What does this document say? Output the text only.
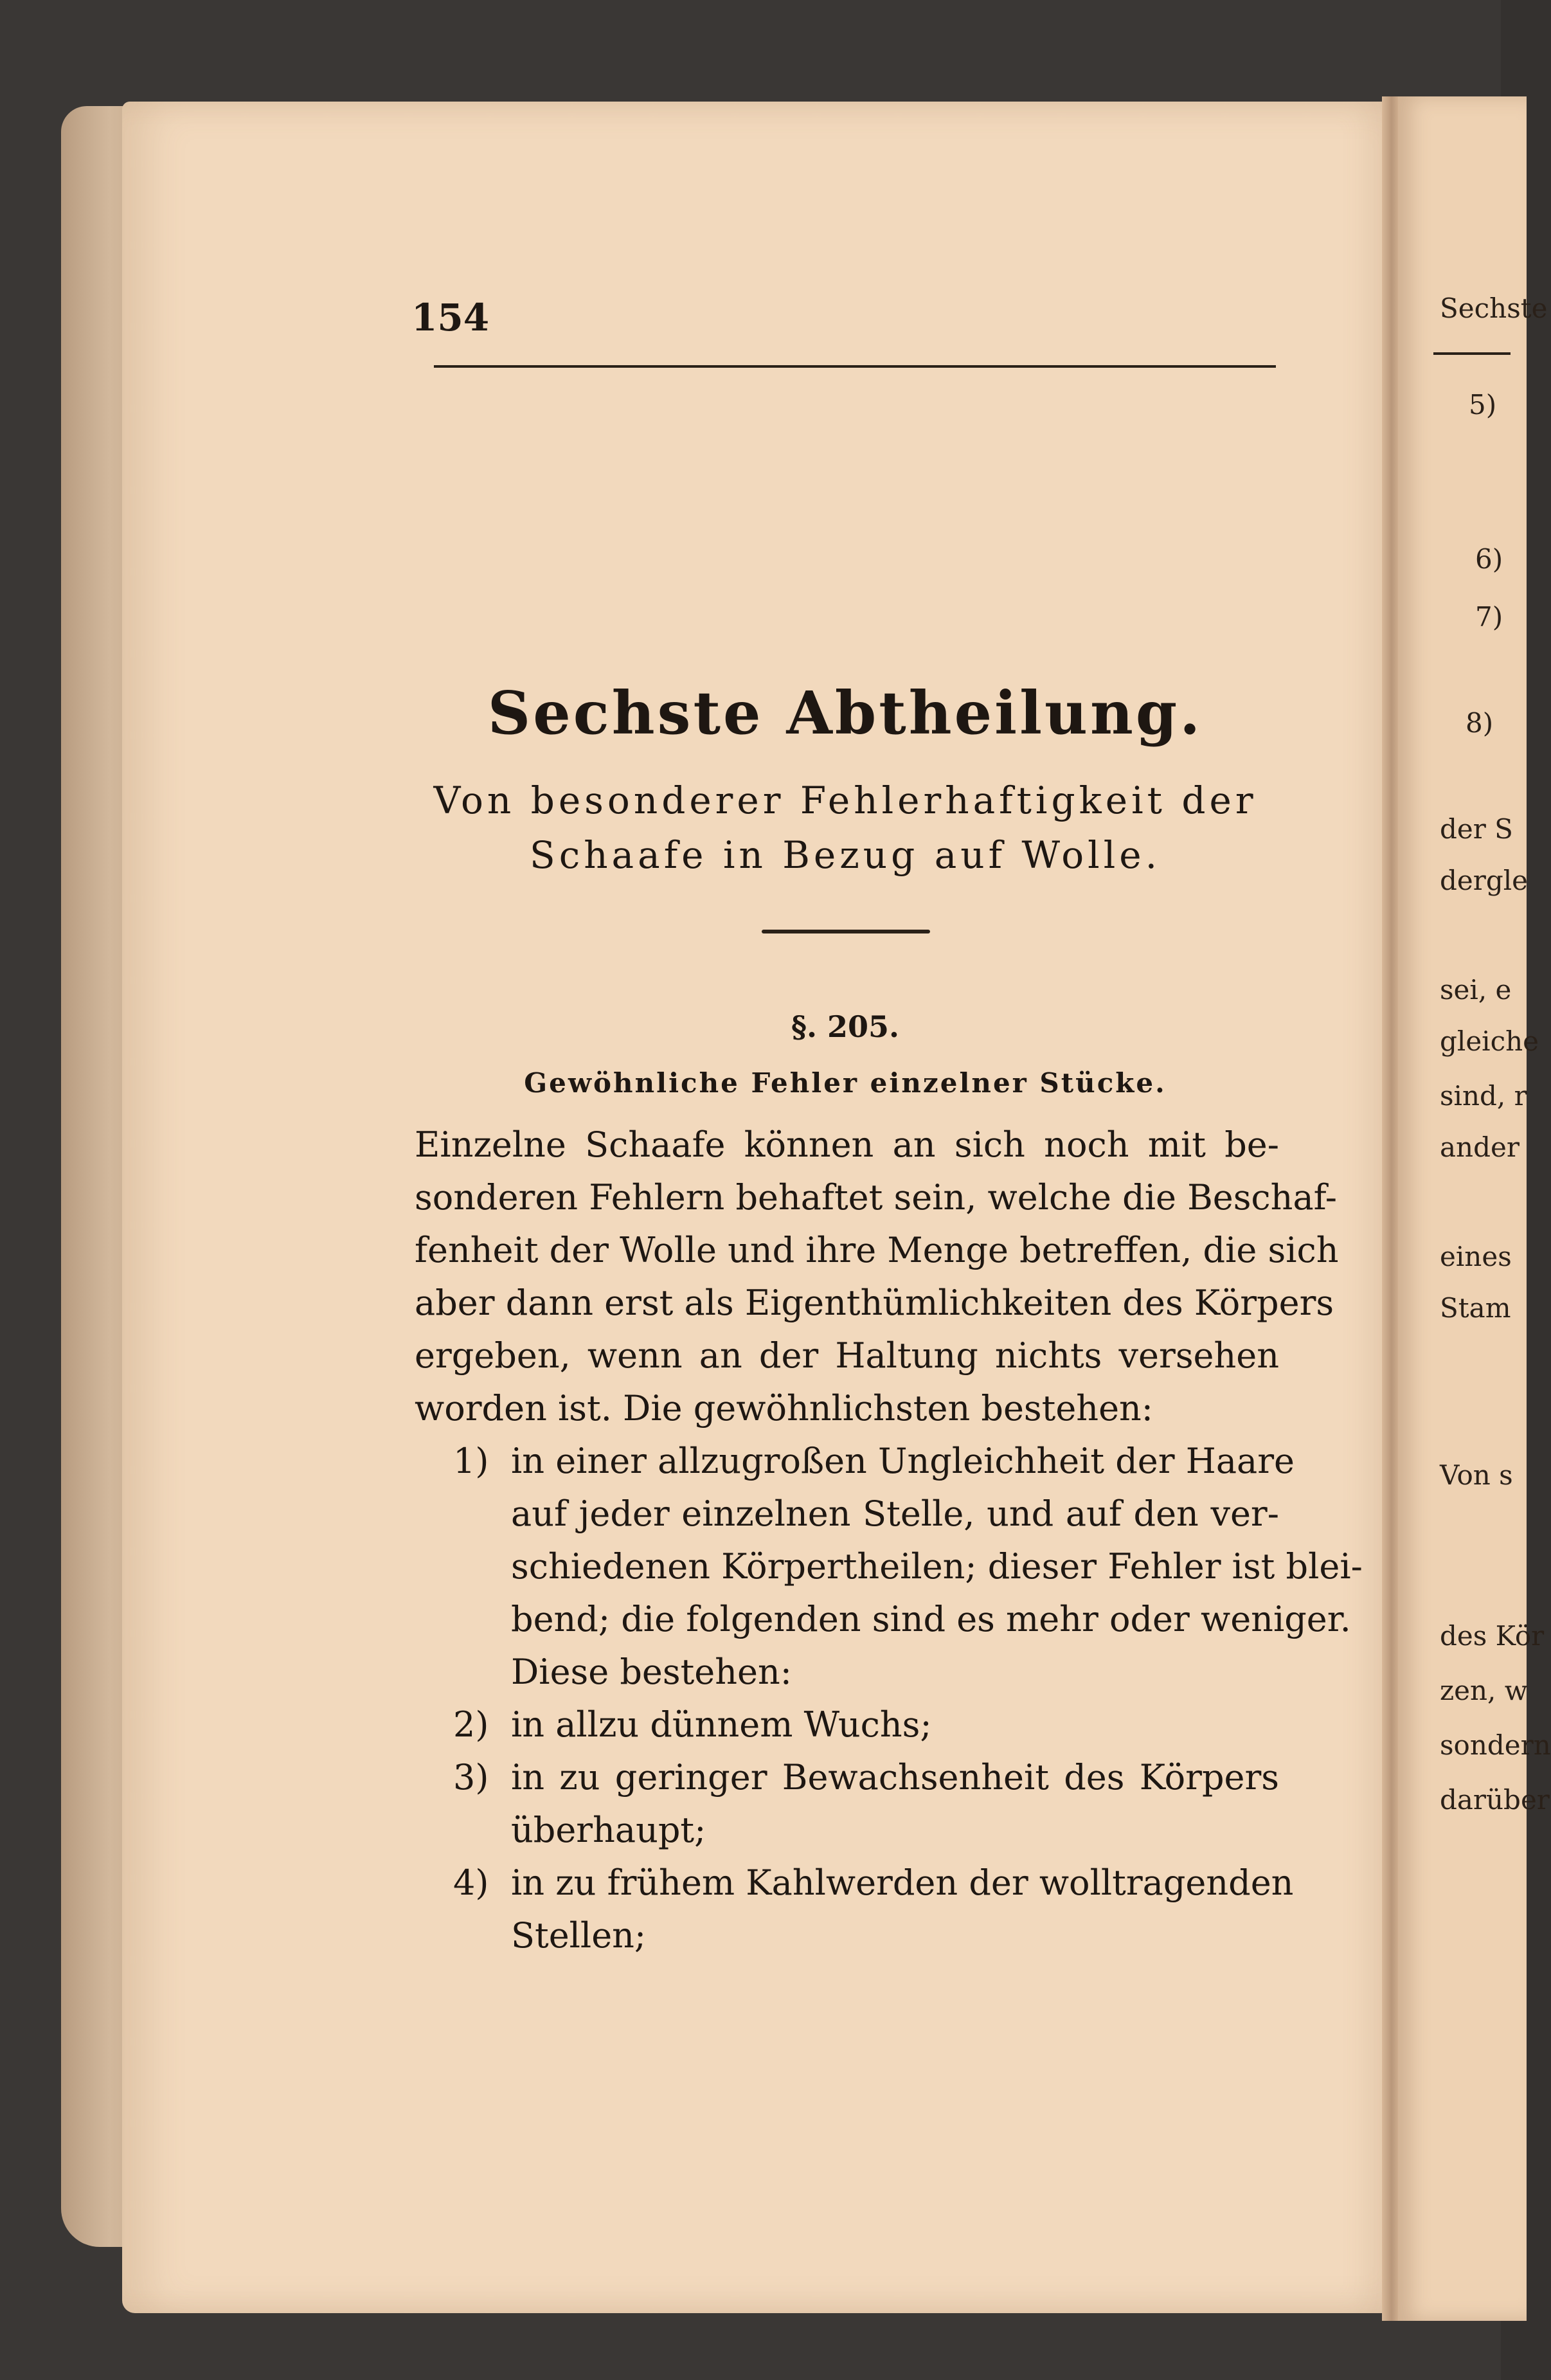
154
Sechste Abtheilung.
Von besonderer Fehlerhaftigkeit der
Schaafe in Bezug auf Wolle.
§. 205.
Gewöhnliche Fehler einzelner Stücke.
Einzelne Schaafe können an sich noch mit be-
sonderen Fehlern behaftet sein, welche die Beschaf-
fenheit der Wolle und ihre Menge betreffen, die sich
aber dann erst als Eigenthümlichkeiten des Körpers
ergeben, wenn an der Haltung nichts versehen
worden ist. Die gewöhnlichsten bestehen:
1) in einer allzugroßen Ungleichheit der Haare
auf jeder einzelnen Stelle, und auf den ver-
schiedenen Körpertheilen; dieser Fehler ist blei-
bend; die folgenden sind es mehr oder weniger.
Diese bestehen:
2) in allzu dünnem Wuchs;
3) in zu geringer Bewachsenheit des Körpers
überhaupt;
4) in zu frühem Kahlwerden der wolltragenden
Stellen;
Sechste
5)
6)
7)
8)
der S
dergle
sei, e
gleiche
sind, r
ander
eines
Stam
Von s
des Kör
zen, w
sondern
darüber
